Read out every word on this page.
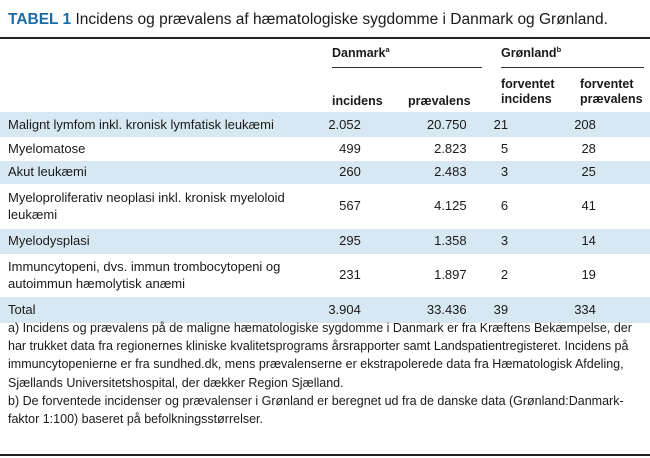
TABEL 1 Incidens og prævalens af hæmatologiske sygdomme i Danmark og Grønland.
Danmark$^a$	Grønland$^b$
incidens prævalens
forventet
incidens
forventet
prævalens
Malignt lymfom inkl. kronisk lymfatisk leukæmi	2.052		20.750		21		208	
Myelomatose	499		2.823		5		28	
Akut leukæmi	260		2.483		3		25	
Myeloproliferativ neoplasi inkl. kronisk myeloloid leukæmi	567		4.125		6		41	
Myelodysplasi	295		1.358		3		14	
Immuncytopeni, dvs. immun trombocytopeni og autoimmun hæmolytisk anæmi	231		1.897		2		19	
Total	3.904		33.436		39		334	

a) Incidens og prævalens på de maligne hæmatologiske sygdomme i Danmark er fra Kræftens Bekæmpelse, der har trukket data fra regionernes kliniske kvalitetsprograms årsrapporter samt Landspatientregisteret. Incidens på immuncytopenierne er fra sundhed.dk, mens prævalenserne er ekstrapolerede data fra Hæmatologisk Afdeling, Sjællands Universitetshospital, der dækker Region Sjælland.

b) De forventede incidenser og prævalenser i Grønland er beregnet ud fra de danske data (Grønland:Danmark-faktor 1:100) baseret på befolkningsstørrelser.
